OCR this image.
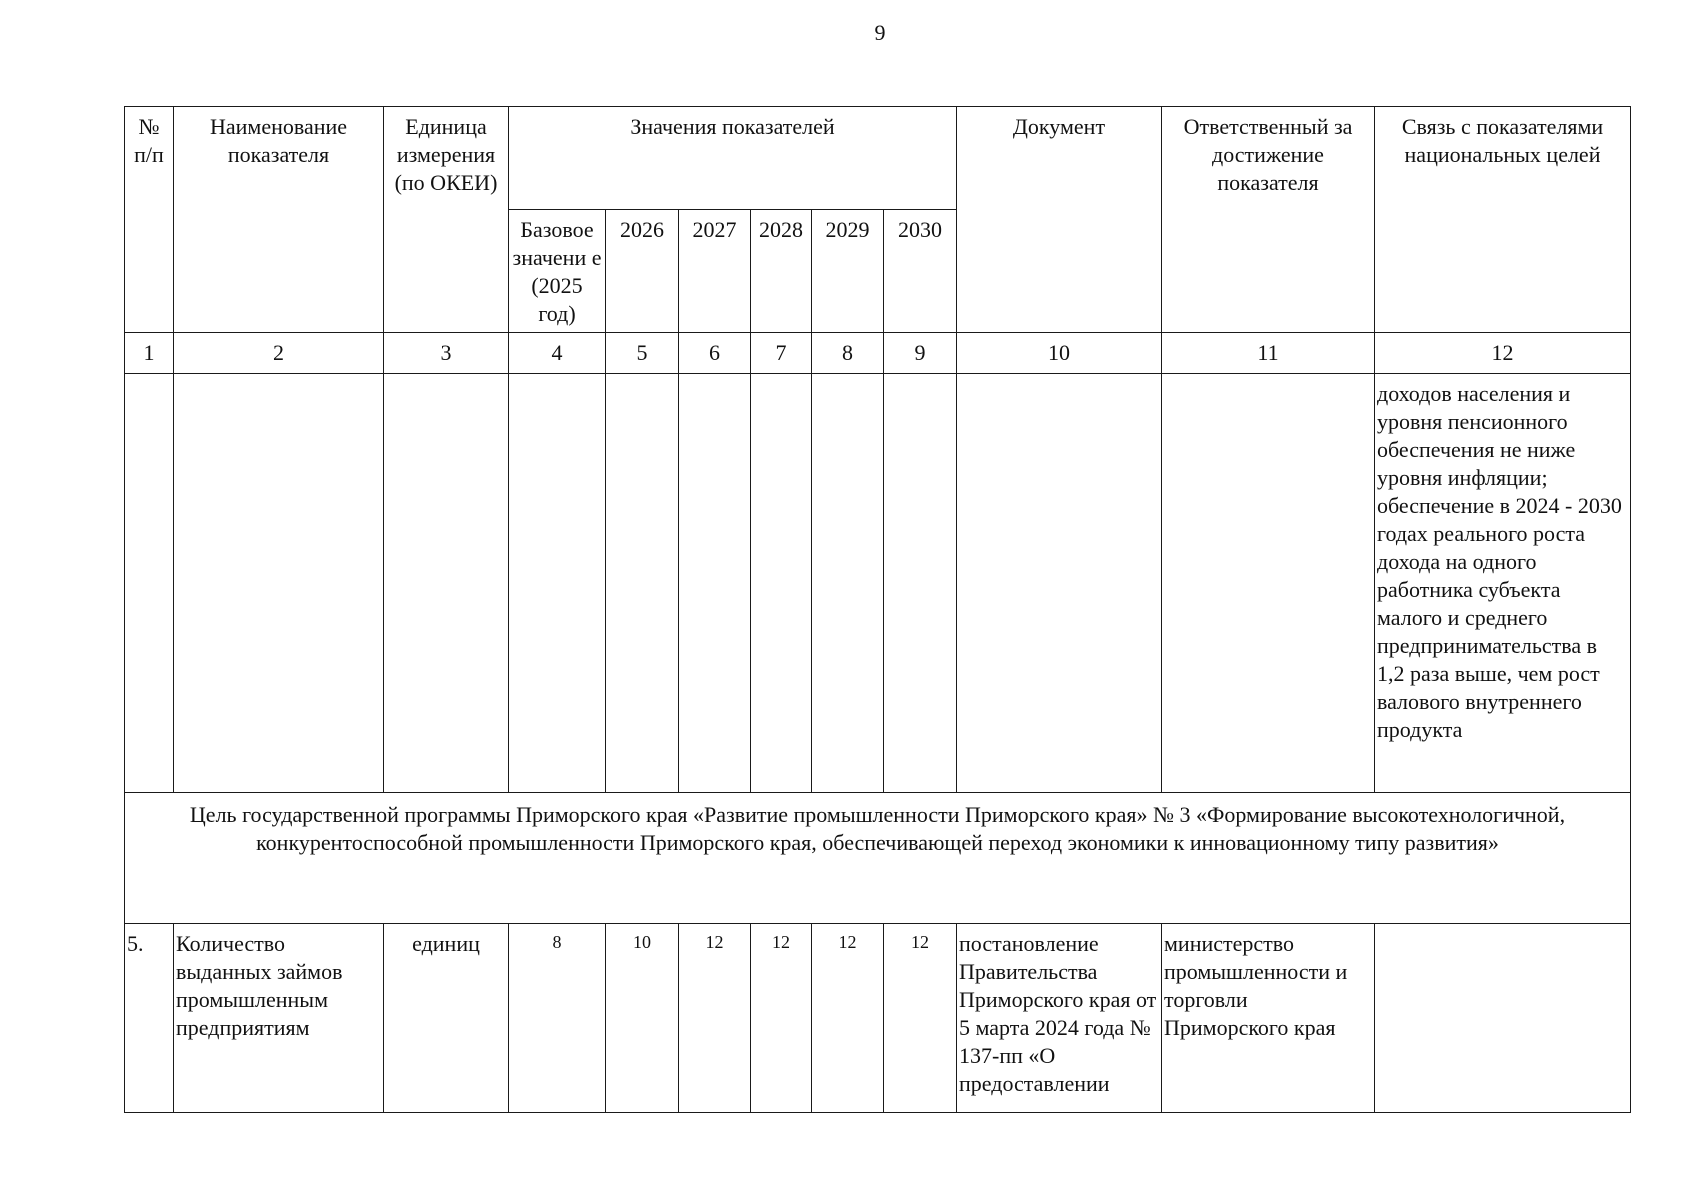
9
№ п/п	Наименование показателя	Единица измерения (по ОКЕИ)	Значения показателей						Документ	Ответственный за достижение показателя	Связь с показателями национальных целей
			Базовое значени е (2025 год)	2026	2027	2028	2029	2030			
1	2	3	4	5	6	7	8	9	10	11	12
											доходов населения и уровня пенсионного обеспечения не ниже уровня инфляции; обеспечение в 2024 - 2030 годах реального роста дохода на одного работника субъекта малого и среднего предпринимательства в 1,2 раза выше, чем рост валового внутреннего продукта
Цель государственной программы Приморского края «Развитие промышленности Приморского края» № 3 «Формирование высокотехнологичной, конкурентоспособной промышленности Приморского края, обеспечивающей переход экономики к инновационному типу развития»											
5.	Количество выданных займов промышленным предприятиям	единиц	8	10	12	12	12	12	постановление Правительства Приморского края от 5 марта 2024 года № 137-пп «О предоставлении	министерство промышленности и торговли Приморского края	
